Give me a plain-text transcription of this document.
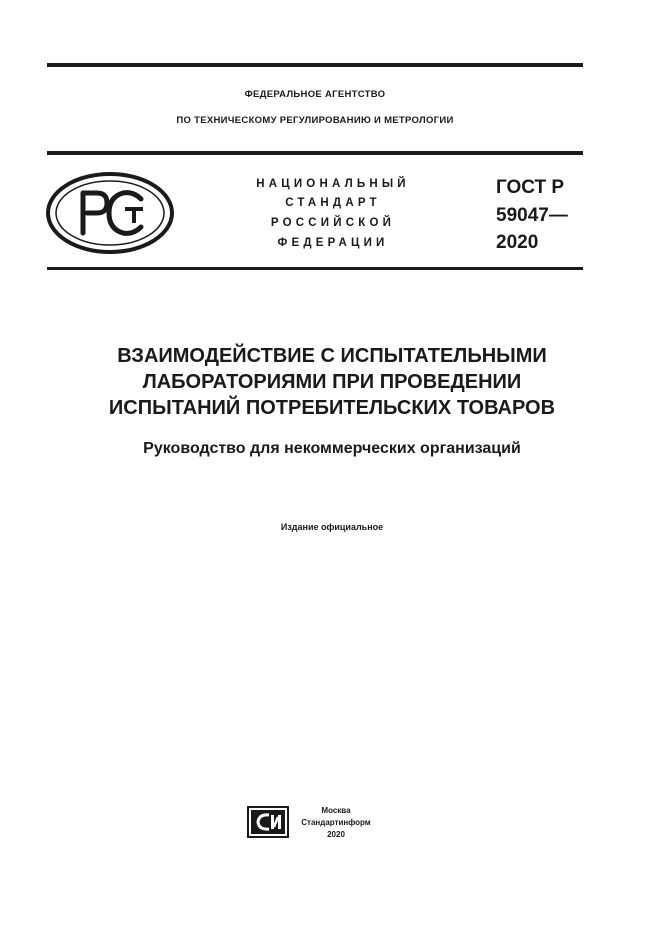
ФЕДЕРАЛЬНОЕ АГЕНТСТВО
ПО ТЕХНИЧЕСКОМУ РЕГУЛИРОВАНИЮ И МЕТРОЛОГИИ
НАЦИОНАЛЬНЫЙ
СТАНДАРТ
РОССИЙСКОЙ
ФЕДЕРАЦИИ
ГОСТ Р
59047—
2020
ВЗАИМОДЕЙСТВИЕ С ИСПЫТАТЕЛЬНЫМИ
ЛАБОРАТОРИЯМИ ПРИ ПРОВЕДЕНИИ
ИСПЫТАНИЙ ПОТРЕБИТЕЛЬСКИХ ТОВАРОВ
Руководство для некоммерческих организаций
Издание официальное
Москва
Стандартинформ
2020
